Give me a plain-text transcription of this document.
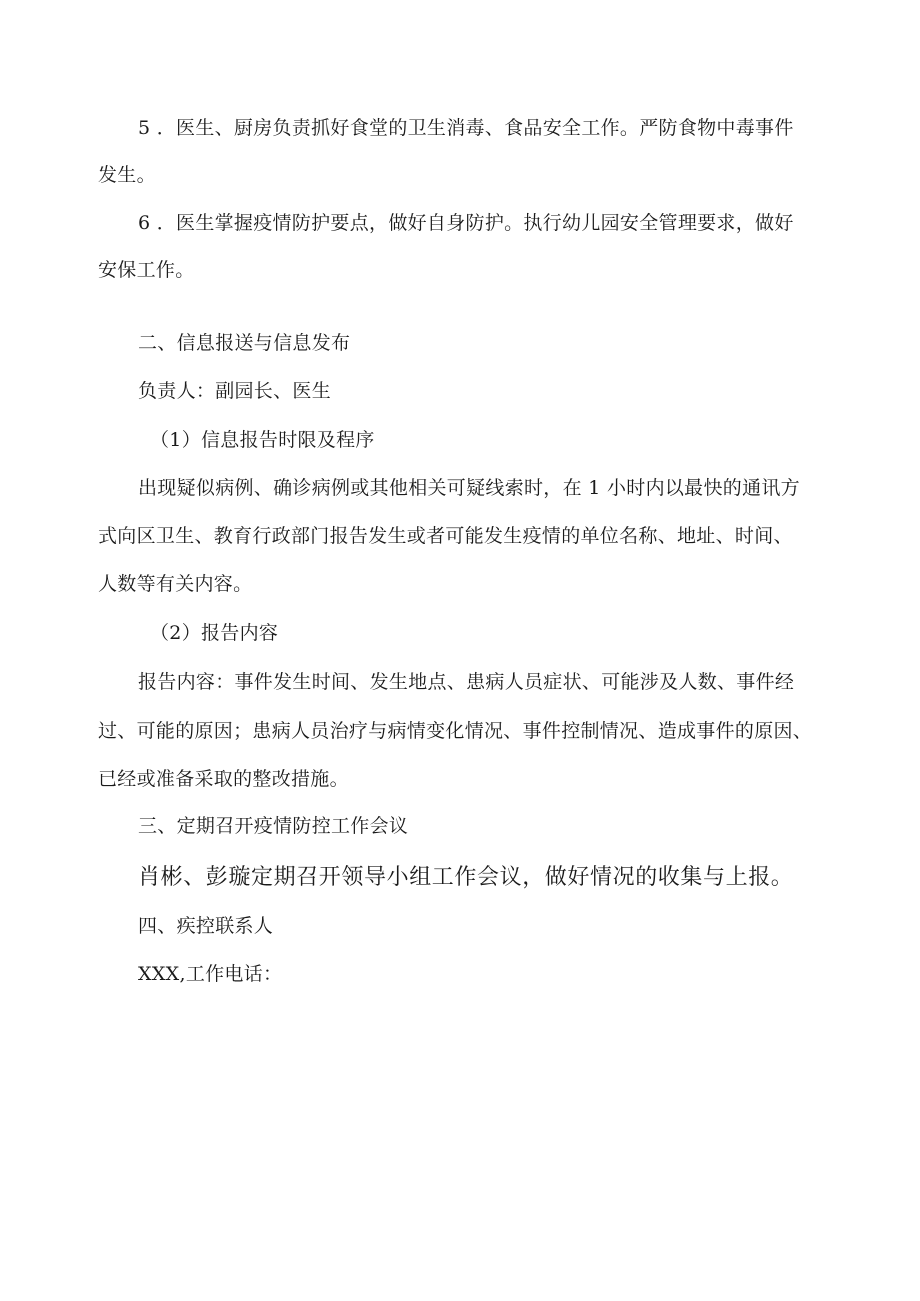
5 ．医生、厨房负责抓好食堂的卫生消毒、食品安全工作。严防食物中毒事件
发生。
6 ．医生掌握疫情防护要点，做好自身防护。执行幼儿园安全管理要求，做好
安保工作。
二、信息报送与信息发布
负责人：副园长、医生
（1）信息报告时限及程序
出现疑似病例、确诊病例或其他相关可疑线索时，在 1 小时内以最快的通讯方
式向区卫生、教育行政部门报告发生或者可能发生疫情的单位名称、地址、时间、
人数等有关内容。
（2）报告内容
报告内容：事件发生时间、发生地点、患病人员症状、可能涉及人数、事件经
过、可能的原因；患病人员治疗与病情变化情况、事件控制情况、造成事件的原因、
已经或准备采取的整改措施。
三、定期召开疫情防控工作会议
肖彬、彭璇定期召开领导小组工作会议，做好情况的收集与上报。
四、疾控联系人
XXX,工作电话：
